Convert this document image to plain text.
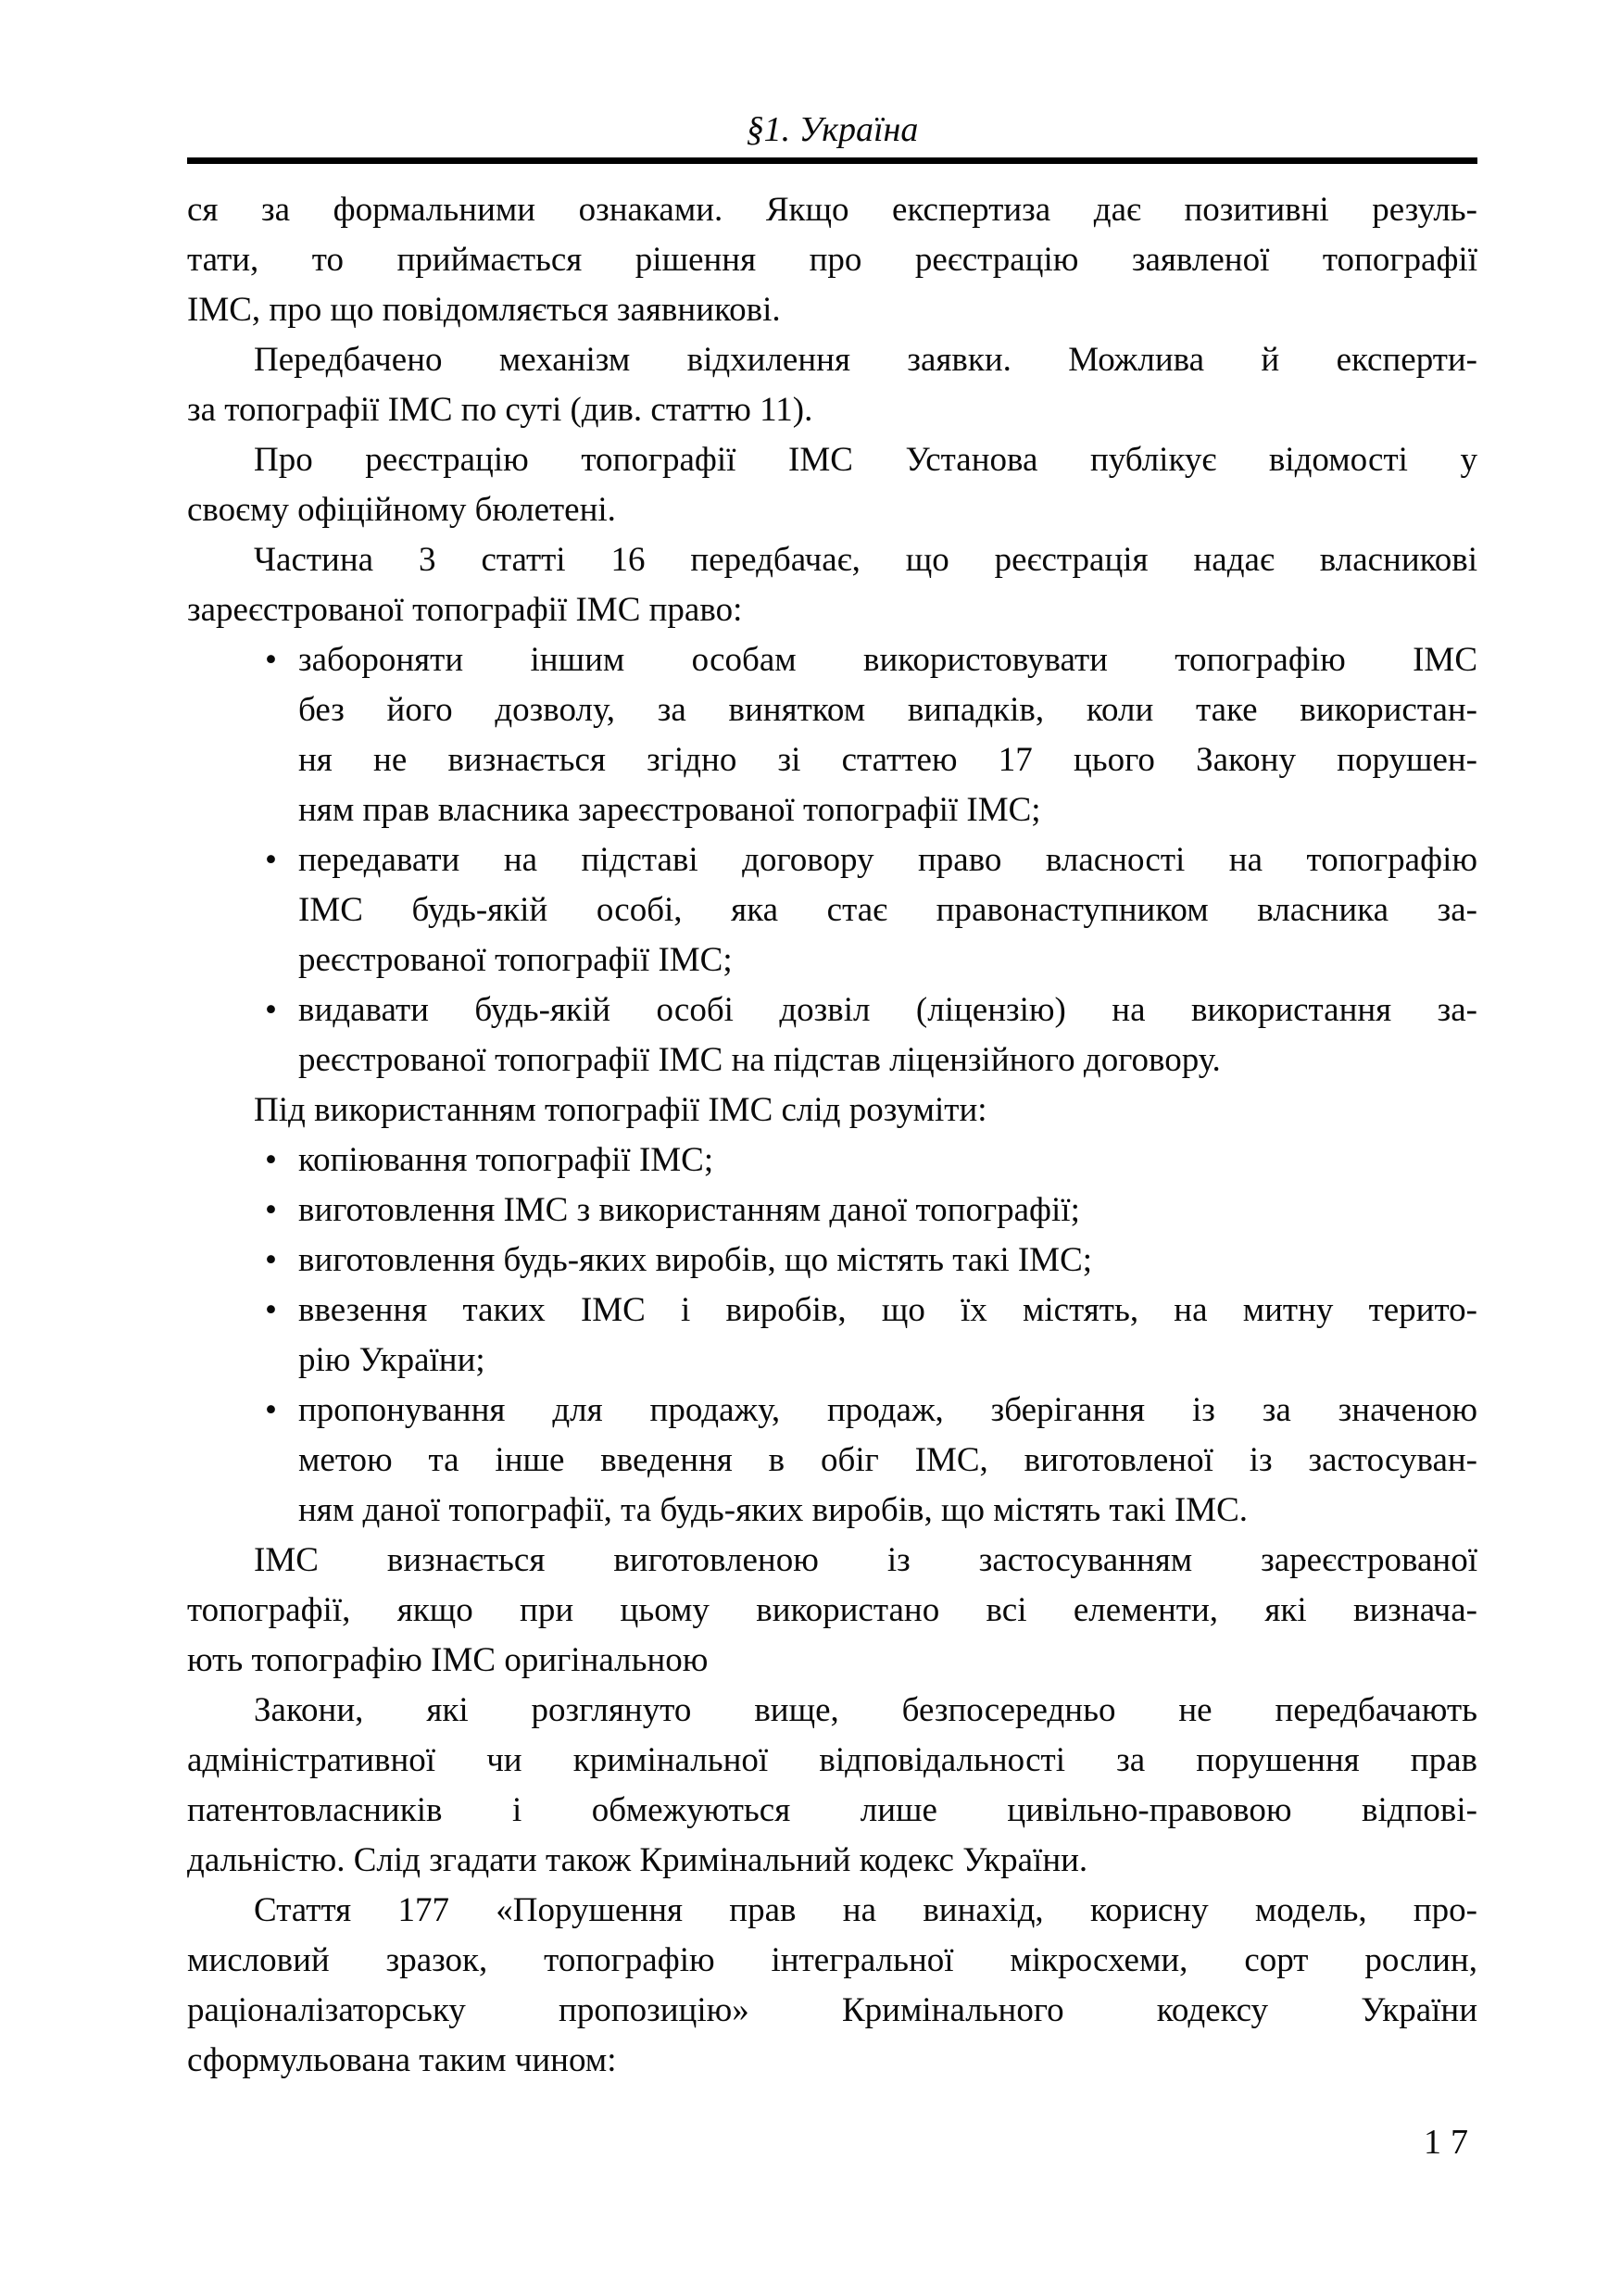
§1. Україна
ся за формальними ознаками. Якщо експертиза дає позитивні резуль-
тати, то приймається рішення про реєстрацію заявленої топографії
ІМС, про що повідомляється заявникові.
Передбачено механізм відхилення заявки. Можлива й експерти-
за топографії ІМС по суті (див. статтю 11).
Про реєстрацію топографії ІМС Установа публікує відомості у
своєму офіційному бюлетені.
Частина 3 статті 16 передбачає, що реєстрація надає власникові
зареєстрованої топографії ІМС право:
• забороняти іншим особам використовувати топографію ІМС
без його дозволу, за винятком випадків, коли таке використан-
ня не визнається згідно зі статтею 17 цього Закону порушен-
ням прав власника зареєстрованої топографії ІМС;
• передавати на підставі договору право власності на топографію
ІМС будь-якій особі, яка стає правонаступником власника за-
реєстрованої топографії ІМС;
• видавати будь-якій особі дозвіл (ліцензію) на використання за-
реєстрованої топографії ІМС на підстав ліцензійного договору.
Під використанням топографії ІМС слід розуміти:
• копіювання топографії ІМС;
• виготовлення ІМС з використанням даної топографії;
• виготовлення будь-яких виробів, що містять такі ІМС;
• ввезення таких ІМС і виробів, що їх містять, на митну терито-
рію України;
• пропонування для продажу, продаж, зберігання із за значеною
метою та інше введення в обіг ІМС, виготовленої із застосуван-
ням даної топографії, та будь-яких виробів, що містять такі ІМС.
ІМС визнається виготовленою із застосуванням зареєстрованої
топографії, якщо при цьому використано всі елементи, які визнача-
ють топографію ІМС оригінальною
Закони, які розглянуто вище, безпосередньо не передбачають
адміністративної чи кримінальної відповідальності за порушення прав
патентовласників і обмежуються лише цивільно-правовою відпові-
дальністю. Слід згадати також Кримінальний кодекс України.
Стаття 177 «Порушення прав на винахід, корисну модель, про-
мисловий зразок, топографію інтегральної мікросхеми, сорт рослин,
раціоналізаторську пропозицію» Кримінального кодексу України
сформульована таким чином:
17
